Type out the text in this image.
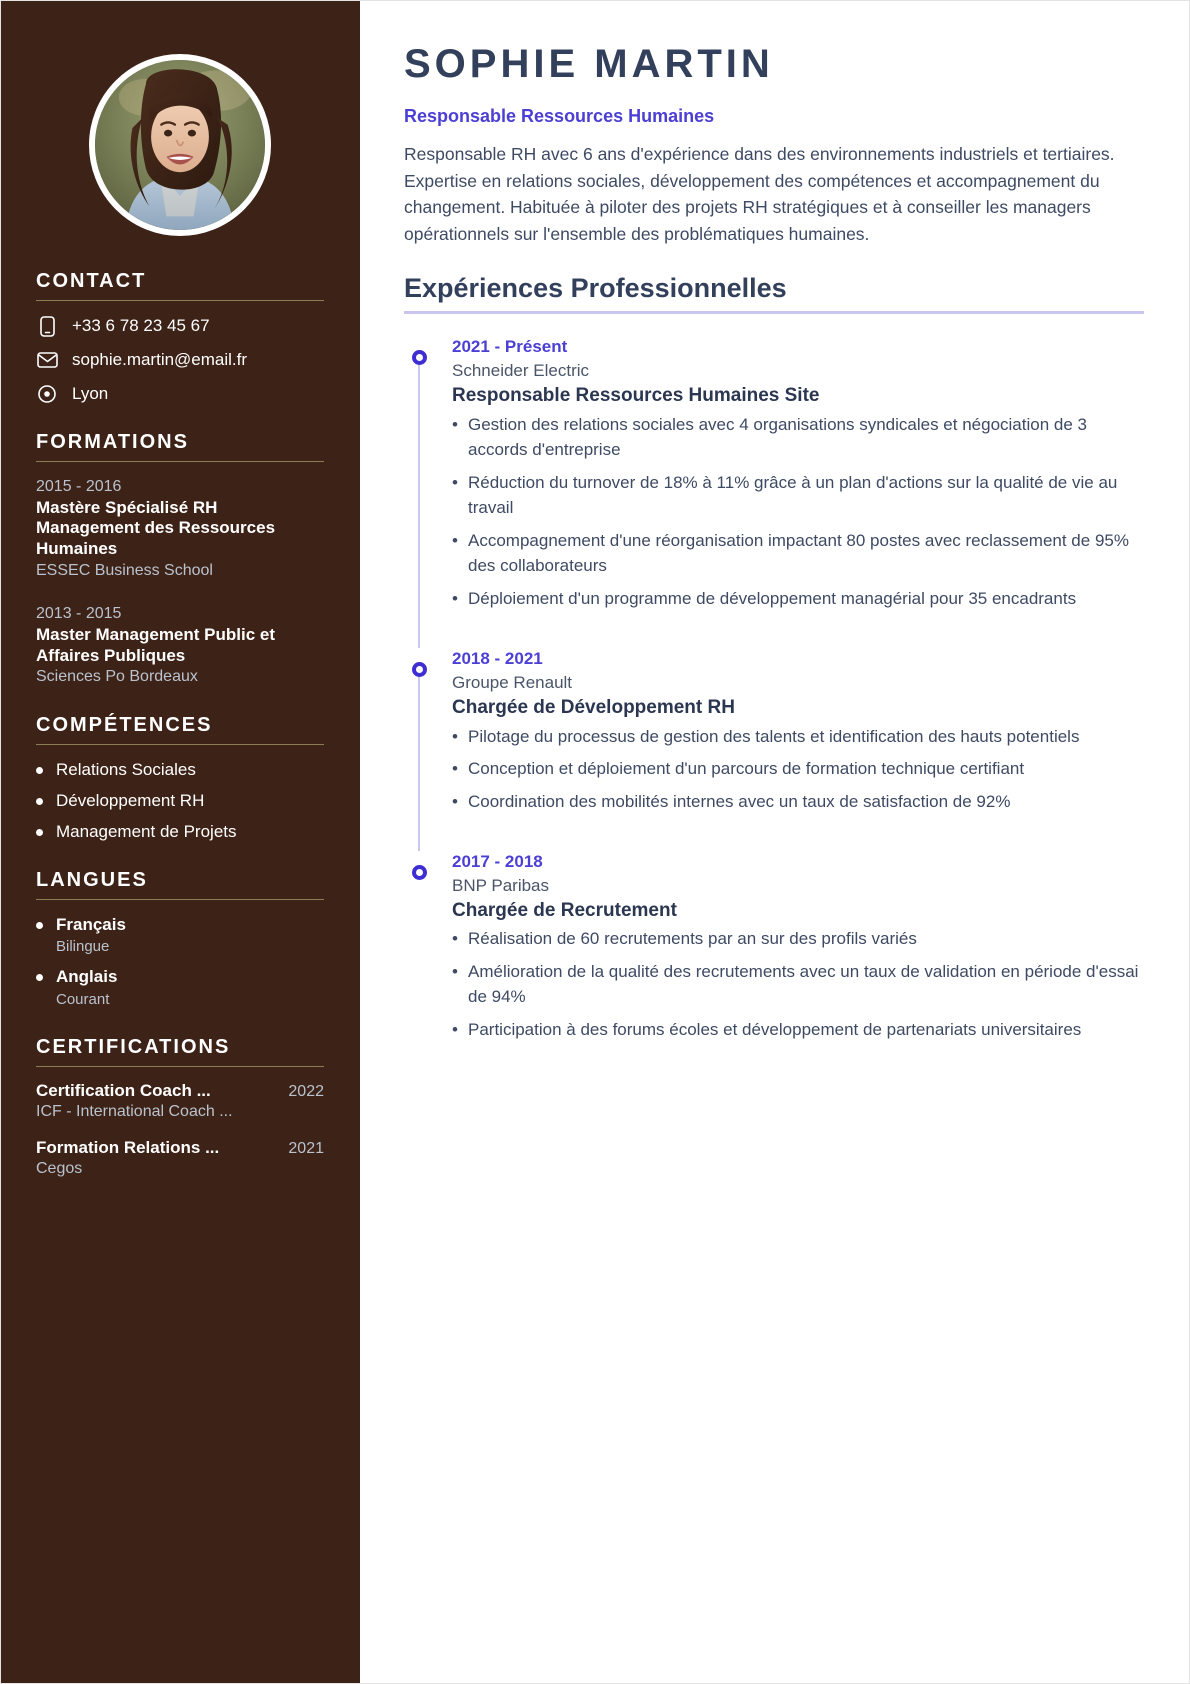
CONTACT
+33 6 78 23 45 67
sophie.martin@email.fr
Lyon
FORMATIONS
2015 - 2016
Mastère Spécialisé RH Management des Ressources Humaines
ESSEC Business School
2013 - 2015
Master Management Public et Affaires Publiques
Sciences Po Bordeaux
COMPÉTENCES
Relations Sociales
Développement RH
Management de Projets
LANGUES
Français
Bilingue
Anglais
Courant
CERTIFICATIONS
Certification Coach ...	2022
ICF - International Coach ...
Formation Relations ...	2021
Cegos
SOPHIE MARTIN
Responsable Ressources Humaines

Responsable RH avec 6 ans d'expérience dans des environnements industriels et tertiaires. Expertise en relations sociales, développement des compétences et accompagnement du changement. Habituée à piloter des projets RH stratégiques et à conseiller les managers opérationnels sur l'ensemble des problématiques humaines.

Expériences Professionnelles
2021 - Présent
Schneider Electric
Responsable Ressources Humaines Site
• Gestion des relations sociales avec 4 organisations syndicales et négociation de 3 accords d'entreprise
• Réduction du turnover de 18% à 11% grâce à un plan d'actions sur la qualité de vie au travail
• Accompagnement d'une réorganisation impactant 80 postes avec reclassement de 95% des collaborateurs
• Déploiement d'un programme de développement managérial pour 35 encadrants
2018 - 2021
Groupe Renault
Chargée de Développement RH
• Pilotage du processus de gestion des talents et identification des hauts potentiels
• Conception et déploiement d'un parcours de formation technique certifiant
• Coordination des mobilités internes avec un taux de satisfaction de 92%
2017 - 2018
BNP Paribas
Chargée de Recrutement
• Réalisation de 60 recrutements par an sur des profils variés
• Amélioration de la qualité des recrutements avec un taux de validation en période d'essai de 94%
• Participation à des forums écoles et développement de partenariats universitaires
